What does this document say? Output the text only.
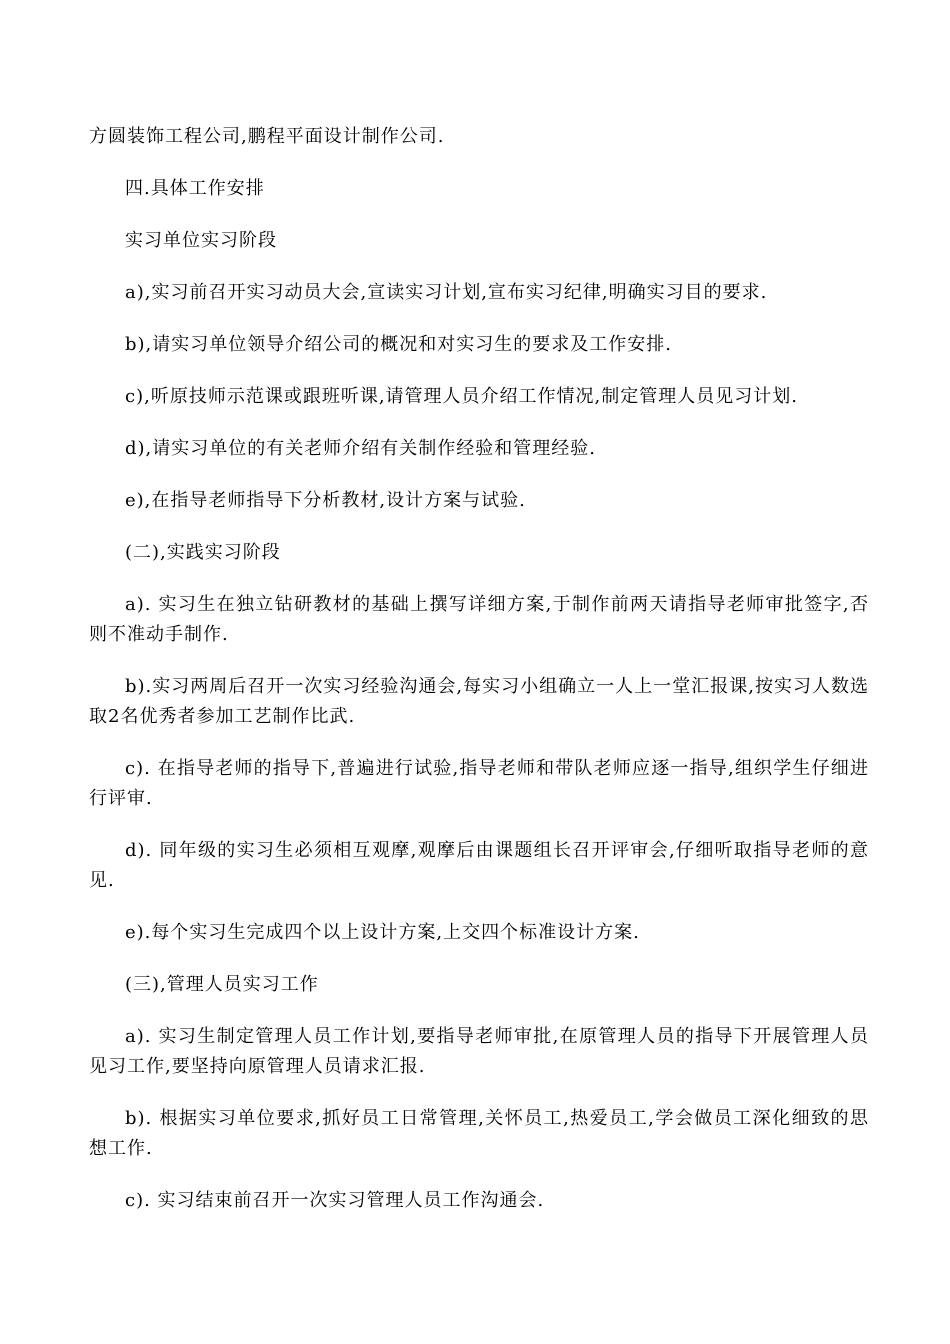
方圆装饰工程公司,鹏程平面设计制作公司.

四.具体工作安排

实习单位实习阶段

a),实习前召开实习动员大会,宣读实习计划,宣布实习纪律,明确实习目的要求.

b),请实习单位领导介绍公司的概况和对实习生的要求及工作安排.

c),听原技师示范课或跟班听课,请管理人员介绍工作情况,制定管理人员见习计划.

d),请实习单位的有关老师介绍有关制作经验和管理经验.

e),在指导老师指导下分析教材,设计方案与试验.

(二),实践实习阶段

a). 实习生在独立钻研教材的基础上撰写详细方案,于制作前两天请指导老师审批签字,否则不准动手制作.

b).实习两周后召开一次实习经验沟通会,每实习小组确立一人上一堂汇报课,按实习人数选取2名优秀者参加工艺制作比武.

c). 在指导老师的指导下,普遍进行试验,指导老师和带队老师应逐一指导,组织学生仔细进行评审.

d). 同年级的实习生必须相互观摩,观摩后由课题组长召开评审会,仔细听取指导老师的意见.

e).每个实习生完成四个以上设计方案,上交四个标准设计方案.

(三),管理人员实习工作

a). 实习生制定管理人员工作计划,要指导老师审批,在原管理人员的指导下开展管理人员见习工作,要坚持向原管理人员请求汇报.

b). 根据实习单位要求,抓好员工日常管理,关怀员工,热爱员工,学会做员工深化细致的思想工作.

c). 实习结束前召开一次实习管理人员工作沟通会.
